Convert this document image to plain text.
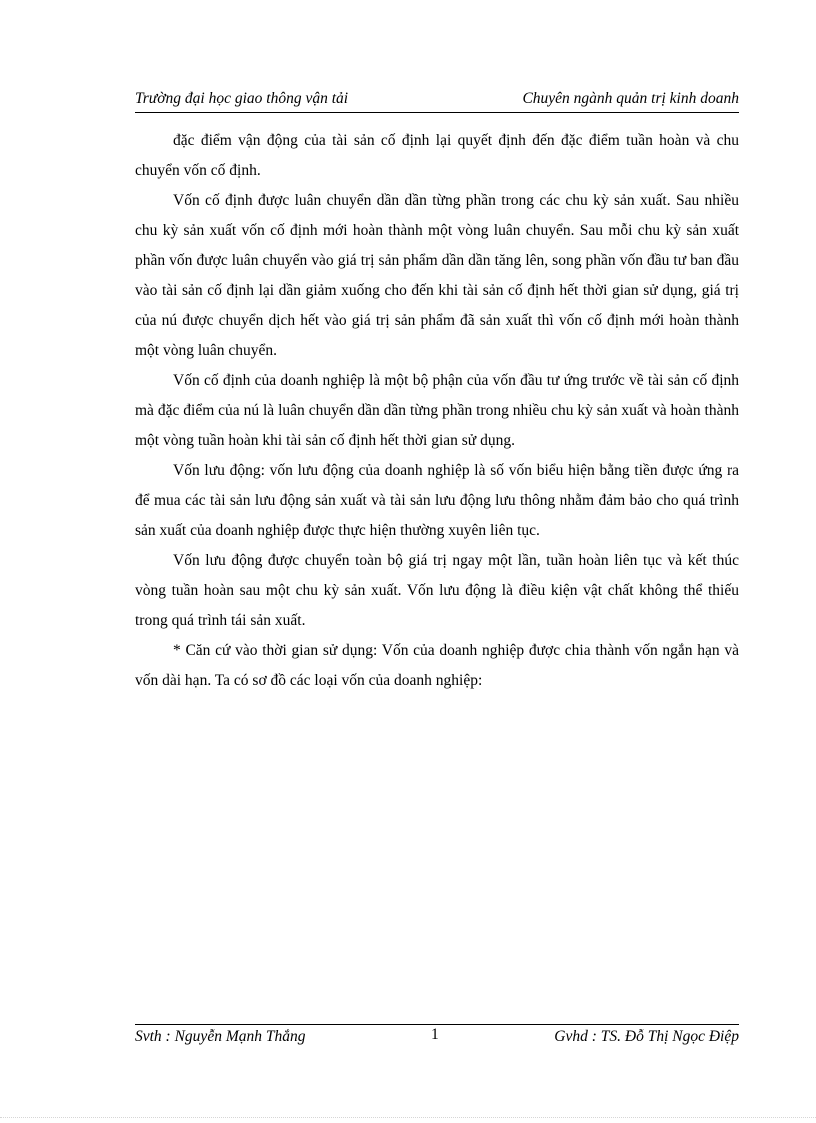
Trường đại học giao thông vận tải	Chuyên ngành quản trị kinh doanh

đặc điểm vận động của tài sản cố định lại quyết định đến đặc điểm tuần hoàn và chu chuyển vốn cố định.

Vốn cố định được luân chuyển dần dần từng phần trong các chu kỳ sản xuất. Sau nhiều chu kỳ sản xuất vốn cố định mới hoàn thành một vòng luân chuyển. Sau mỗi chu kỳ sản xuất phần vốn được luân chuyển vào giá trị sản phẩm dần dần tăng lên, song phần vốn đầu tư ban đầu vào tài sản cố định lại dần giảm xuống cho đến khi tài sản cố định hết thời gian sử dụng, giá trị của nú được chuyển dịch hết vào giá trị sản phẩm đã sản xuất thì vốn cố định mới hoàn thành một vòng luân chuyển.

Vốn cố định của doanh nghiệp là một bộ phận của vốn đầu tư ứng trước về tài sản cố định mà đặc điểm của nú là luân chuyển dần dần từng phần trong nhiều chu kỳ sản xuất và hoàn thành một vòng tuần hoàn khi tài sản cố định hết thời gian sử dụng.

Vốn lưu động: vốn lưu động của doanh nghiệp là số vốn biểu hiện bằng tiền được ứng ra để mua các tài sản lưu động sản xuất và tài sản lưu động lưu thông nhằm đảm bảo cho quá trình sản xuất của doanh nghiệp được thực hiện thường xuyên liên tục.

Vốn lưu động được chuyển toàn bộ giá trị ngay một lần, tuần hoàn liên tục và kết thúc vòng tuần hoàn sau một chu kỳ sản xuất. Vốn lưu động là điều kiện vật chất không thể thiếu trong quá trình tái sản xuất.

* Căn cứ vào thời gian sử dụng: Vốn của doanh nghiệp được chia thành vốn ngắn hạn và vốn dài hạn. Ta có sơ đồ các loại vốn của doanh nghiệp:

Svth : Nguyễn Mạnh Thắng	1	Gvhd : TS. Đỗ Thị Ngọc Điệp
